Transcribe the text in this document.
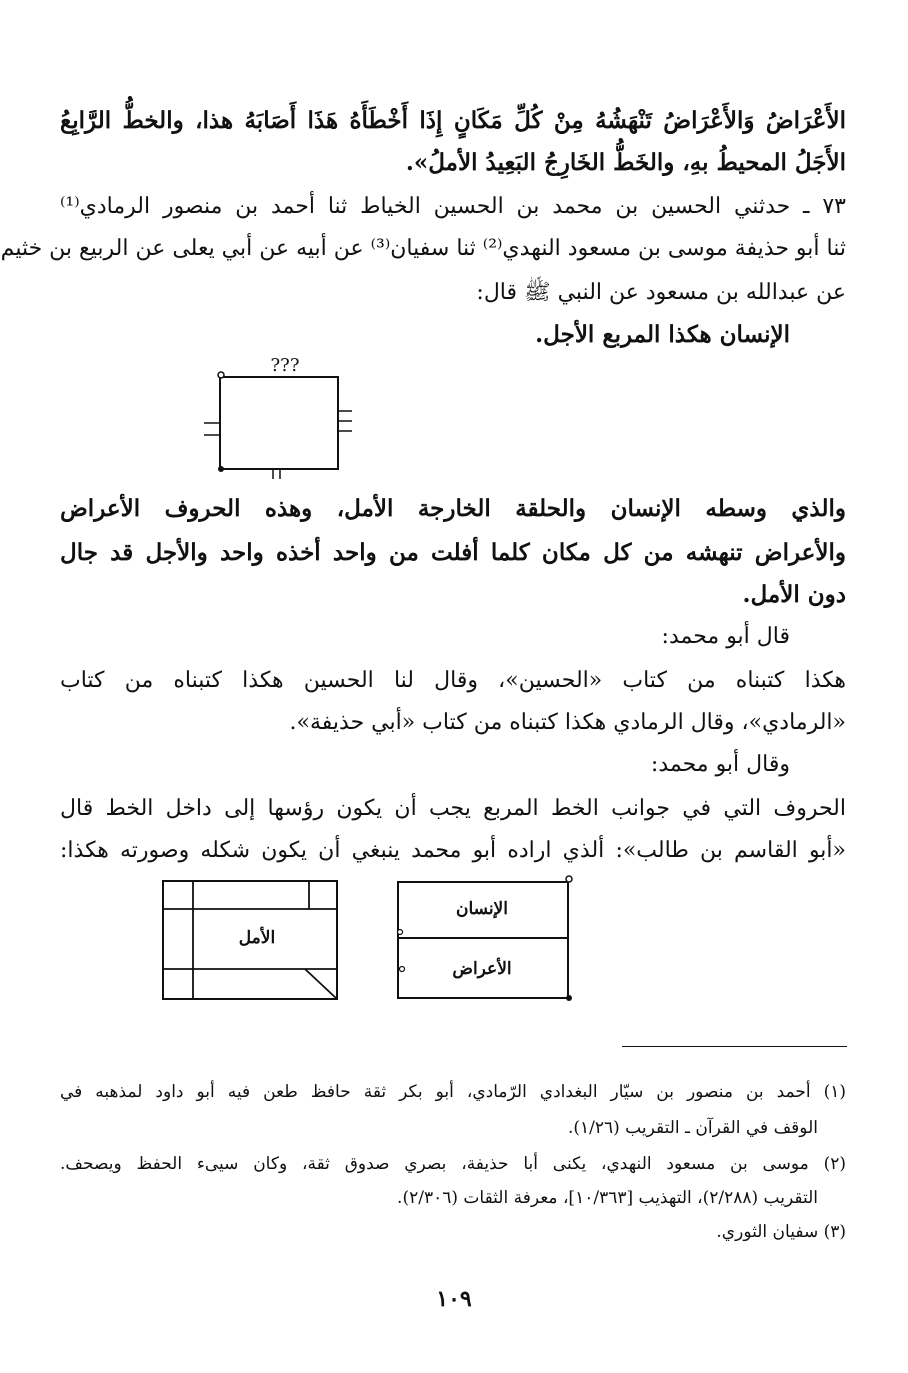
الأَعْرَاضُ وَالأَعْرَاضُ تَنْهَشُهُ مِنْ كُلِّ مَكَانٍ إِذَا أَخْطَأَهُ هَذَا أَصَابَهُ هذا، والخطُّ الرَّابِعُ

الأَجَلُ المحيطُ بهِ، والخَطُّ الخَارِجُ البَعِيدُ الأملُ».

٧٣ ـ حدثني الحسين بن محمد بن الحسين الخياط ثنا أحمد بن منصور الرمادي⁽¹⁾

ثنا أبو حذيفة موسى بن مسعود النهدي⁽²⁾ ثنا سفيان⁽³⁾ عن أبيه عن أبي يعلى عن الربيع بن خثيم

عن عبدالله بن مسعود عن النبي ﷺ قال:

الإنسان هكذا المربع الأجل.

???

والذي وسطه الإنسان والحلقة الخارجة الأمل، وهذه الحروف الأعراض

والأعراض تنهشه من كل مكان كلما أفلت من واحد أخذه واحد والأجل قد جال

دون الأمل.

قال أبو محمد:

هكذا كتبناه من كتاب «الحسين»، وقال لنا الحسين هكذا كتبناه من كتاب

«الرمادي»، وقال الرمادي هكذا كتبناه من كتاب «أبي حذيفة».

وقال أبو محمد:

الحروف التي في جوانب الخط المربع يجب أن يكون رؤسها إلى داخل الخط قال

«أبو القاسم بن طالب»: ألذي اراده أبو محمد ينبغي أن يكون شكله وصورته هكذا:

الإنسان
الأعراض
الأمل

(١) أحمد بن منصور بن سيّار البغدادي الرّمادي، أبو بكر ثقة حافظ طعن فيه أبو داود لمذهبه في

الوقف في القرآن ـ التقريب (١/٢٦).

(٢) موسى بن مسعود النهدي، يكنى أبا حذيفة، بصري صدوق ثقة، وكان سيىء الحفظ ويصحف.

التقريب (٢/٢٨٨)، التهذيب [١٠/٣٦٣]، معرفة الثقات (٢/٣٠٦).

(٣) سفيان الثوري.

١٠٩
